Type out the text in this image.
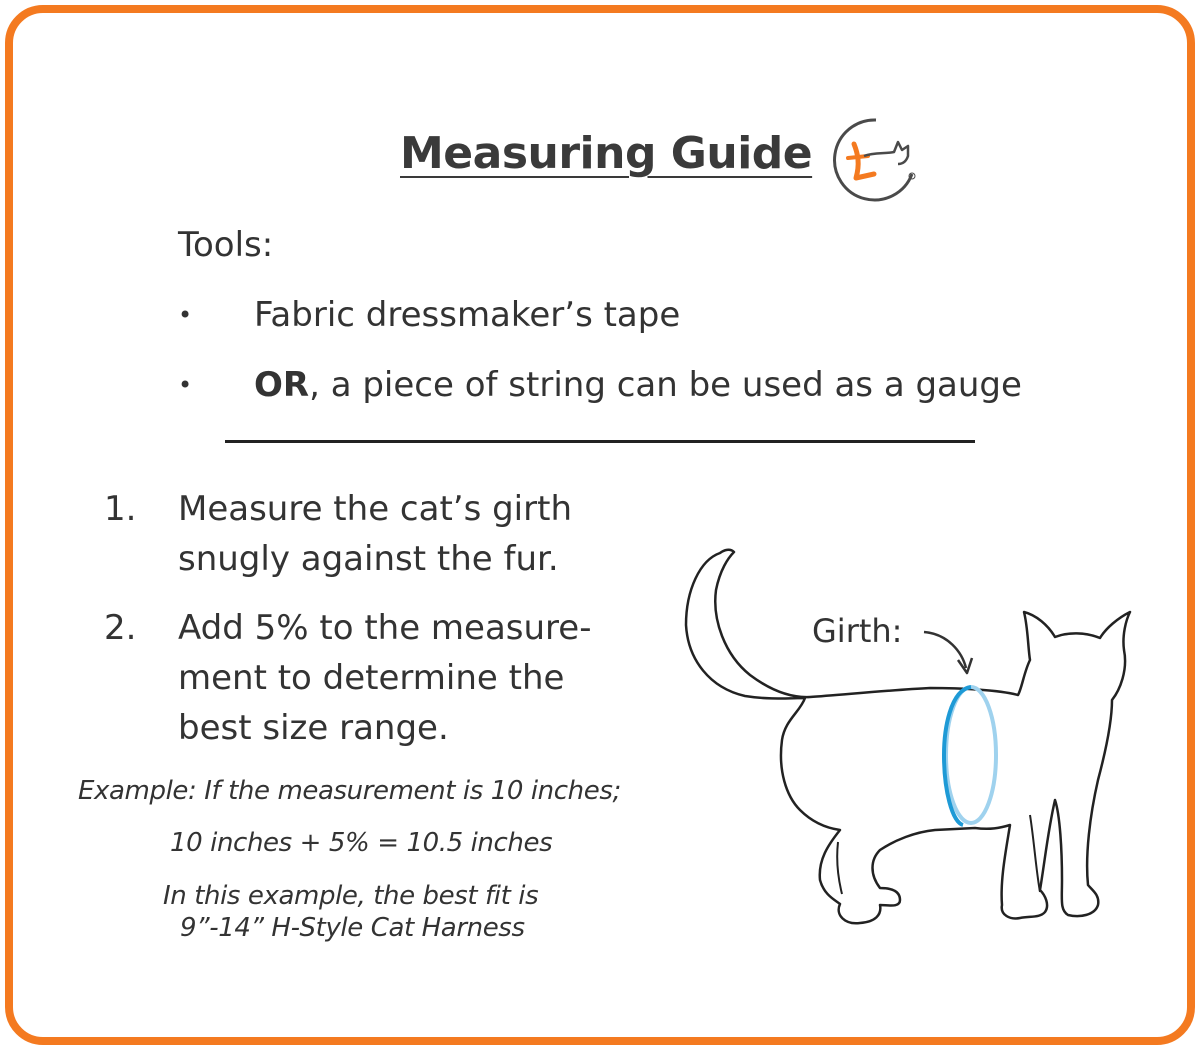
Measuring Guide
Tools:
• Fabric dressmaker’s tape
• OR, a piece of string can be used as a gauge
1. Measure the cat’s girth
snugly against the fur.
2. Add 5% to the measure-
ment to determine the
best size range.
Example: If the measurement is 10 inches;
10 inches + 5% = 10.5 inches
In this example, the best fit is
9”-14” H-Style Cat Harness
Girth:
